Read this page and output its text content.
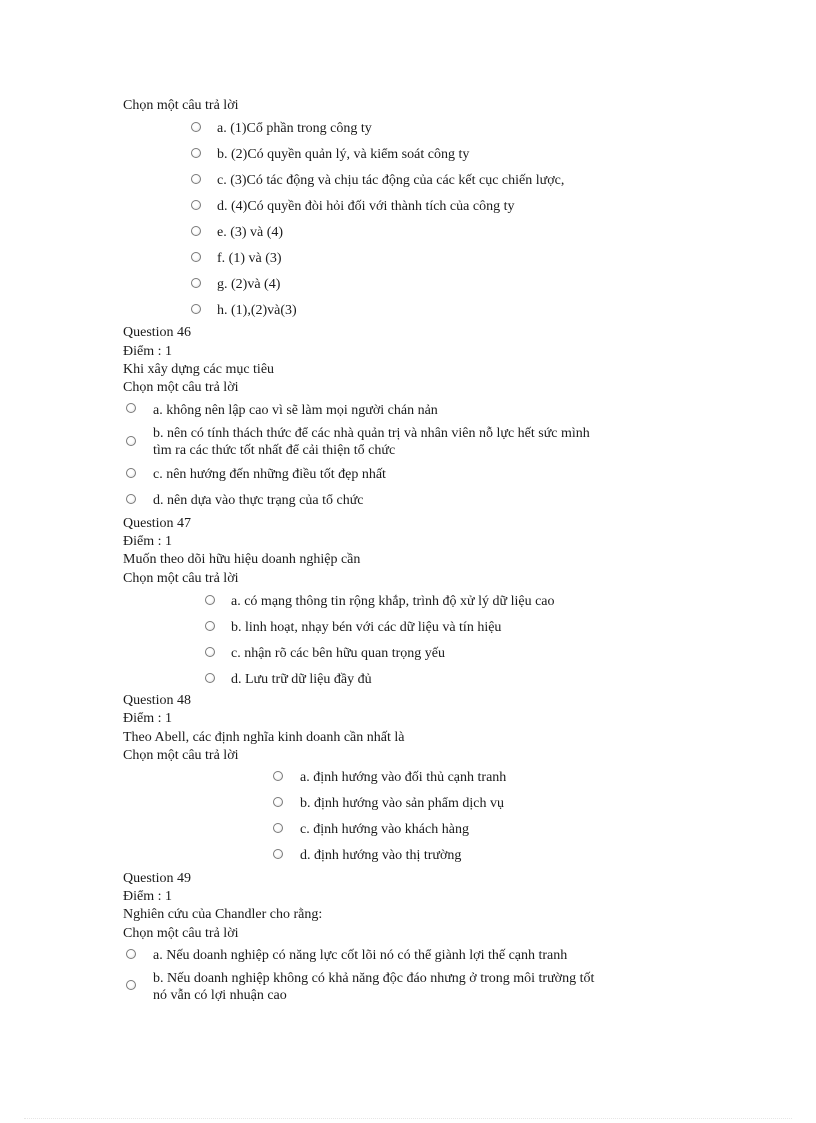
Chọn một câu trả lời
a. (1)Cổ phần trong công ty
b. (2)Có quyền quản lý, và kiểm soát công ty
c. (3)Có tác động và chịu tác động của các kết cục chiến lược,
d. (4)Có quyền đòi hỏi đối với thành tích của công ty
e. (3) và (4)
f. (1) và (3)
g. (2)và (4)
h. (1),(2)và(3)
Question 46
Điểm : 1
Khi xây dựng các mục tiêu
Chọn một câu trả lời
a. không nên lập cao vì sẽ làm mọi người chán nản
b. nên có tính thách thức để các nhà quản trị và nhân viên nỗ lực hết sức mình
tìm ra các thức tốt nhất để cải thiện tổ chức
c. nên hướng đến những điều tốt đẹp nhất
d. nên dựa vào thực trạng của tổ chức
Question 47
Điểm : 1
Muốn theo dõi hữu hiệu doanh nghiệp cần
Chọn một câu trả lời
a. có mạng thông tin rộng khắp, trình độ xử lý dữ liệu cao
b. linh hoạt, nhạy bén với các dữ liệu và tín hiệu
c. nhận rõ các bên hữu quan trọng yếu
d. Lưu trữ dữ liệu đầy đủ
Question 48
Điểm : 1
Theo Abell, các định nghĩa kinh doanh cần nhất là
Chọn một câu trả lời
a. định hướng vào đối thủ cạnh tranh
b. định hướng vào sản phẩm dịch vụ
c. định hướng vào khách hàng
d. định hướng vào thị trường
Question 49
Điểm : 1
Nghiên cứu của Chandler cho rằng:
Chọn một câu trả lời
a. Nếu doanh nghiệp có năng lực cốt lõi nó có thể giành lợi thế cạnh tranh
b. Nếu doanh nghiệp không có khả năng độc đáo nhưng ở trong môi trường tốt
nó vẫn có lợi nhuận cao
